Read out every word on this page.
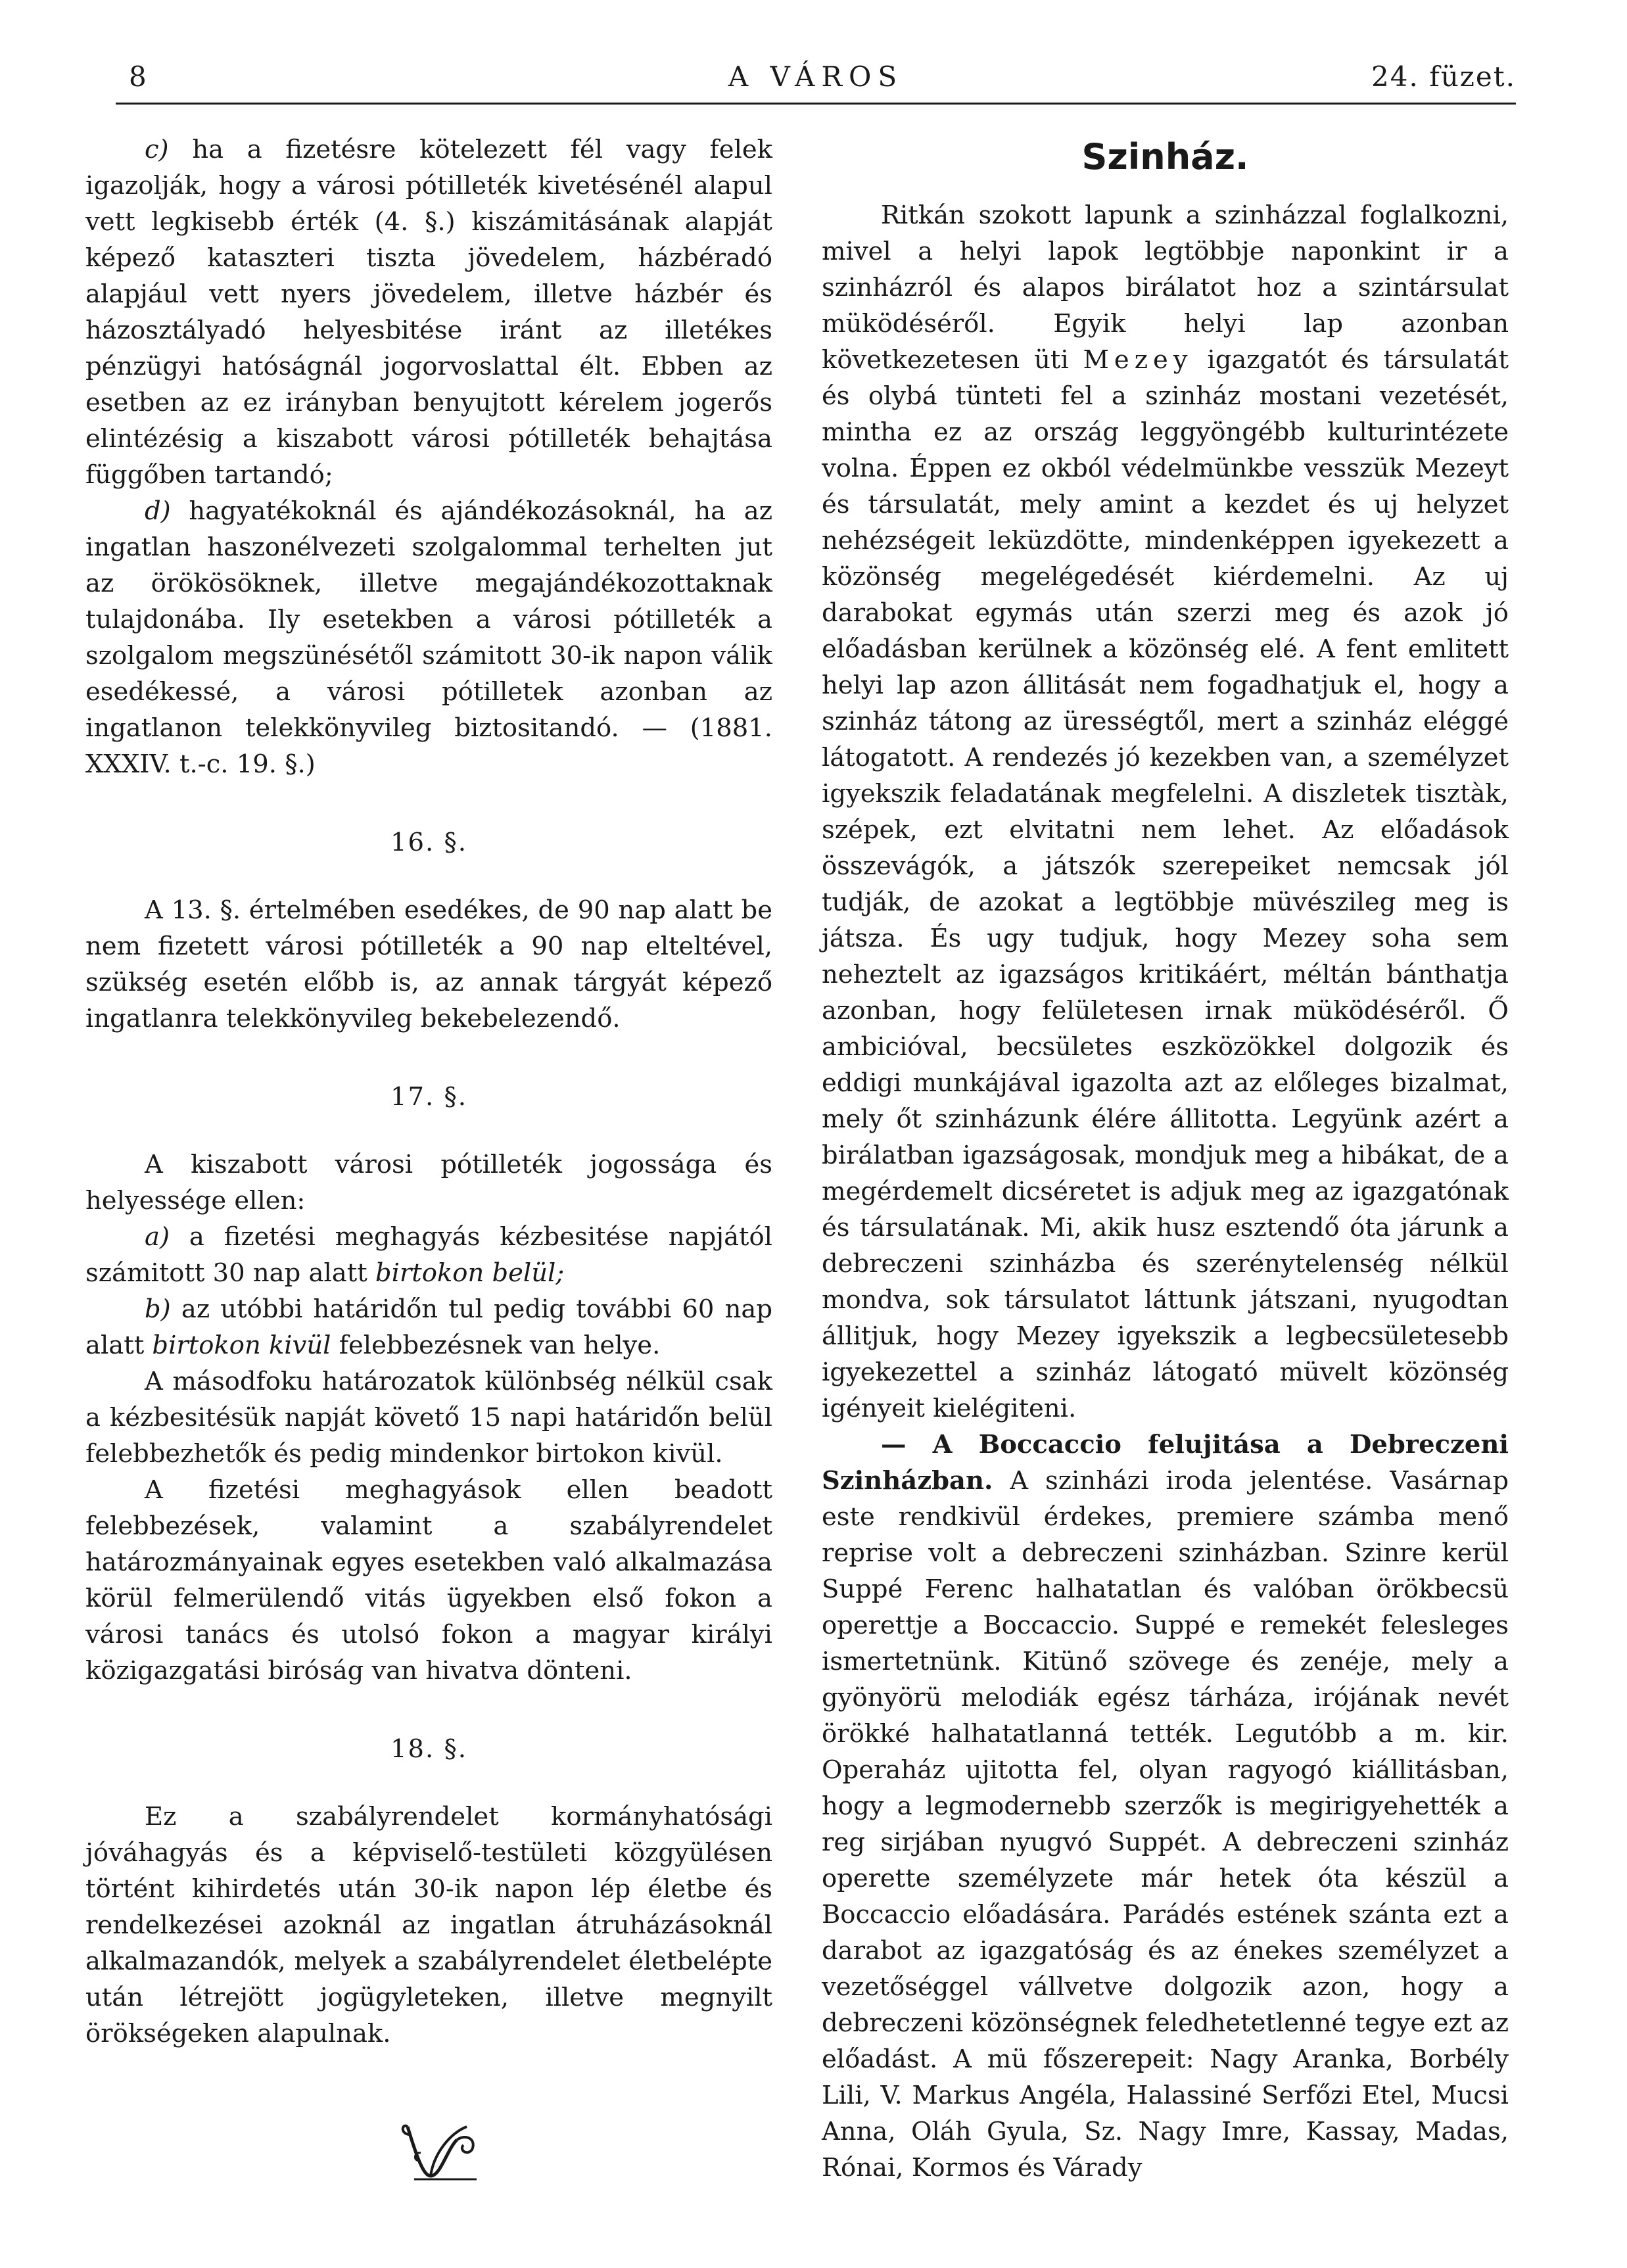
8	A VÁROS	24. füzet.

c) ha a fizetésre kötelezett fél vagy felek igazolják, hogy a városi pótilleték kivetésénél alapul vett legkisebb érték (4. §.) kiszámitásának alapját képező kataszteri tiszta jövedelem, házbéradó alapjául vett nyers jövedelem, illetve házbér és házosztályadó helyesbitése iránt az illetékes pénzügyi hatóságnál jogorvoslattal élt. Ebben az esetben az ez irányban benyujtott kérelem jogerős elintézésig a kiszabott városi pótilleték behajtása függőben tartandó;

d) hagyatékoknál és ajándékozásoknál, ha az ingatlan haszonélvezeti szolgalommal terhelten jut az örökösöknek, illetve megajándékozottaknak tulajdonába. Ily esetekben a városi pótilleték a szolgalom megszünésétől számitott 30-ik napon válik esedékessé, a városi pótilletek azonban az ingatlanon telekkönyvileg biztositandó. — (1881. XXXIV. t.-c. 19. §.)

16. §.

A 13. §. értelmében esedékes, de 90 nap alatt be nem fizetett városi pótilleték a 90 nap elteltével, szükség esetén előbb is, az annak tárgyát képező ingatlanra telekkönyvileg bekebelezendő.

17. §.

A kiszabott városi pótilleték jogossága és helyessége ellen:

a) a fizetési meghagyás kézbesitése napjától számitott 30 nap alatt birtokon belül;

b) az utóbbi határidőn tul pedig további 60 nap alatt birtokon kivül felebbezésnek van helye.

A másodfoku határozatok különbség nélkül csak a kézbesitésük napját követő 15 napi határidőn belül felebbezhetők és pedig mindenkor birtokon kivül.

A fizetési meghagyások ellen beadott felebbezések, valamint a szabályrendelet határozmányainak egyes esetekben való alkalmazása körül felmerülendő vitás ügyekben első fokon a városi tanács és utolsó fokon a magyar királyi közigazgatási biróság van hivatva dönteni.

18. §.

Ez a szabályrendelet kormányhatósági jóváhagyás és a képviselő-testületi közgyülésen történt kihirdetés után 30-ik napon lép életbe és rendelkezései azoknál az ingatlan átruházásoknál alkalmazandók, melyek a szabályrendelet életbelépte után létrejött jogügyleteken, illetve megnyilt örökségeken alapulnak.

Szinház.

Ritkán szokott lapunk a szinházzal foglalkozni, mivel a helyi lapok legtöbbje naponkint ir a szinházról és alapos birálatot hoz a szintársulat müködéséről. Egyik helyi lap azonban következetesen üti Mezey igazgatót és társulatát és olybá tünteti fel a szinház mostani vezetését, mintha ez az ország leggyöngébb kulturintézete volna. Éppen ez okból védelmünkbe vesszük Mezeyt és társulatát, mely amint a kezdet és uj helyzet nehézségeit leküzdötte, mindenképpen igyekezett a közönség megelégedését kiérdemelni. Az uj darabokat egymás után szerzi meg és azok jó előadásban kerülnek a közönség elé. A fent emlitett helyi lap azon állitását nem fogadhatjuk el, hogy a szinház tátong az ürességtől, mert a szinház eléggé látogatott. A rendezés jó kezekben van, a személyzet igyekszik feladatának megfelelni. A diszletek tisztàk, szépek, ezt elvitatni nem lehet. Az előadások összevágók, a játszók szerepeiket nemcsak jól tudják, de azokat a legtöbbje müvészileg meg is játsza. És ugy tudjuk, hogy Mezey soha sem neheztelt az igazságos kritikáért, méltán bánthatja azonban, hogy felületesen irnak müködéséről. Ő ambicióval, becsületes eszközökkel dolgozik és eddigi munkájával igazolta azt az előleges bizalmat, mely őt szinházunk élére állitotta. Legyünk azért a birálatban igazságosak, mondjuk meg a hibákat, de a megérdemelt dicséretet is adjuk meg az igazgatónak és társulatának. Mi, akik husz esztendő óta járunk a debreczeni szinházba és szerénytelenség nélkül mondva, sok társulatot láttunk játszani, nyugodtan állitjuk, hogy Mezey igyekszik a legbecsületesebb igyekezettel a szinház látogató müvelt közönség igényeit kielégiteni.

— A Boccaccio felujitása a Debreczeni Szinházban. A szinházi iroda jelentése. Vasárnap este rendkivül érdekes, premiere számba menő reprise volt a debreczeni szinházban. Szinre kerül Suppé Ferenc halhatatlan és valóban örökbecsü operettje a Boccaccio. Suppé e remekét felesleges ismertetnünk. Kitünő szövege és zenéje, mely a gyönyörü melodiák egész tárháza, irójának nevét örökké halhatatlanná tették. Legutóbb a m. kir. Operaház ujitotta fel, olyan ragyogó kiállitásban, hogy a legmodernebb szerzők is megirigyehették a reg sirjában nyugvó Suppét. A debreczeni szinház operette személyzete már hetek óta készül a Boccaccio előadására. Parádés estének szánta ezt a darabot az igazgatóság és az énekes személyzet a vezetőséggel vállvetve dolgozik azon, hogy a debreczeni közönségnek feledhetetlenné tegye ezt az előadást. A mü főszerepeit: Nagy Aranka, Borbély Lili, V. Markus Angéla, Halassiné Serfőzi Etel, Mucsi Anna, Oláh Gyula, Sz. Nagy Imre, Kassay, Madas, Rónai, Kormos és Várady
